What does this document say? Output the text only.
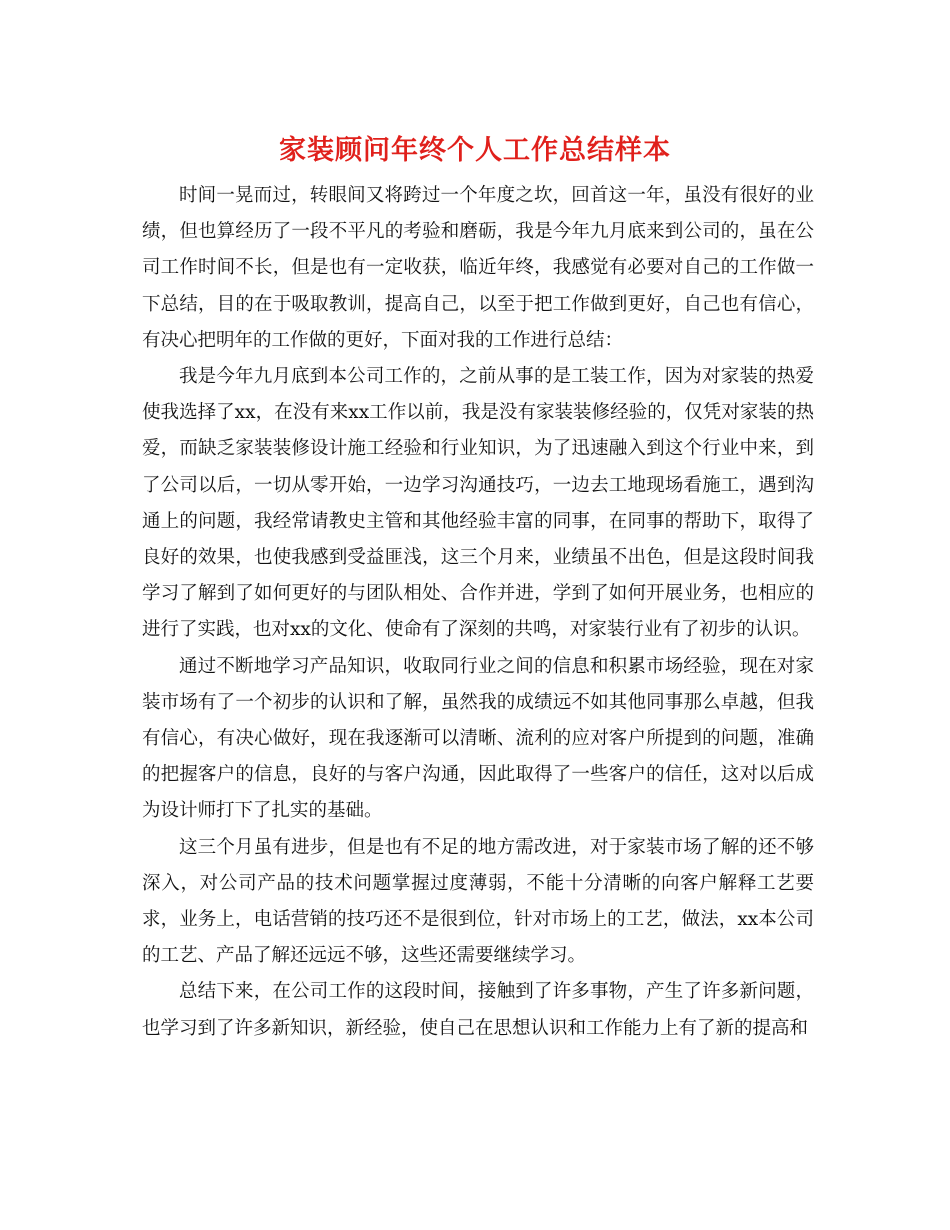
家装顾问年终个人工作总结样本

时间一晃而过，转眼间又将跨过一个年度之坎，回首这一年，虽没有很好的业绩，但也算经历了一段不平凡的考验和磨砺，我是今年九月底来到公司的，虽在公司工作时间不长，但是也有一定收获，临近年终，我感觉有必要对自己的工作做一下总结，目的在于吸取教训，提高自己，以至于把工作做到更好，自己也有信心，有决心把明年的工作做的更好，下面对我的工作进行总结：

我是今年九月底到本公司工作的，之前从事的是工装工作，因为对家装的热爱使我选择了xx，在没有来xx工作以前，我是没有家装装修经验的，仅凭对家装的热爱，而缺乏家装装修设计施工经验和行业知识，为了迅速融入到这个行业中来，到了公司以后，一切从零开始，一边学习沟通技巧，一边去工地现场看施工，遇到沟通上的问题，我经常请教史主管和其他经验丰富的同事，在同事的帮助下，取得了良好的效果，也使我感到受益匪浅，这三个月来，业绩虽不出色，但是这段时间我学习了解到了如何更好的与团队相处、合作并进，学到了如何开展业务，也相应的进行了实践，也对xx的文化、使命有了深刻的共鸣，对家装行业有了初步的认识。

通过不断地学习产品知识，收取同行业之间的信息和积累市场经验，现在对家装市场有了一个初步的认识和了解，虽然我的成绩远不如其他同事那么卓越，但我有信心，有决心做好，现在我逐渐可以清晰、流利的应对客户所提到的问题，准确的把握客户的信息，良好的与客户沟通，因此取得了一些客户的信任，这对以后成为设计师打下了扎实的基础。

这三个月虽有进步，但是也有不足的地方需改进，对于家装市场了解的还不够深入，对公司产品的技术问题掌握过度薄弱，不能十分清晰的向客户解释工艺要求，业务上，电话营销的技巧还不是很到位，针对市场上的工艺，做法，xx本公司的工艺、产品了解还远远不够，这些还需要继续学习。

总结下来，在公司工作的这段时间，接触到了许多事物，产生了许多新问题，也学习到了许多新知识，新经验，使自己在思想认识和工作能力上有了新的提高和
